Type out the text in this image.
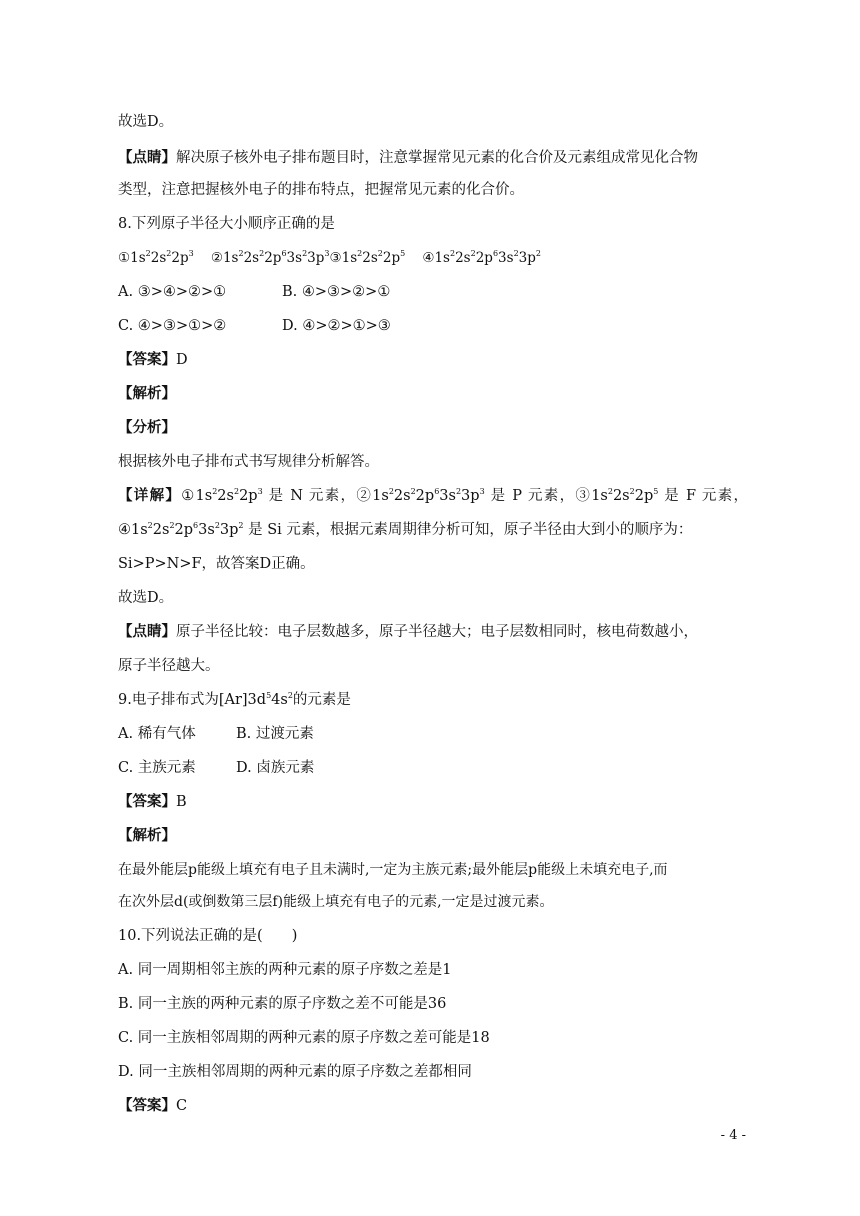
故选D。
【点睛】解决原子核外电子排布题目时，注意掌握常见元素的化合价及元素组成常见化合物
类型，注意把握核外电子的排布特点，把握常见元素的化合价。
8.下列原子半径大小顺序正确的是
$①1s^22s^22p^3$ $②1s^22s^22p^63s^23p^3③1s^22s^22p^5$ $④1s^22s^22p^63s^23p^2$
A. ③>④>②>①	B. ④>③>②>①
C. ④>③>①>②	D. ④>②>①>③
【答案】D
【解析】
【分析】
根据核外电子排布式书写规律分析解答。
【详解】$①1s^22s^22p^3$ 是 N 元素，$②1s^22s^22p^63s^23p^3$ 是 P 元素，$③1s^22s^22p^5$ 是 F 元素，
$④1s^22s^22p^63s^23p^2$ 是 Si 元素，根据元素周期律分析可知，原子半径由大到小的顺序为：
Si>P>N>F，故答案D正确。
故选D。
【点睛】原子半径比较：电子层数越多，原子半径越大；电子层数相同时，核电荷数越小，
原子半径越大。
9.电子排布式为$[Ar]3d^54s^2$的元素是
A. 稀有气体	B. 过渡元素
C. 主族元素	D. 卤族元素
【答案】B
【解析】
在最外能层p能级上填充有电子且未满时,一定为主族元素;最外能层p能级上未填充电子,而
在次外层d(或倒数第三层f)能级上填充有电子的元素,一定是过渡元素。
10.下列说法正确的是(　　)
A. 同一周期相邻主族的两种元素的原子序数之差是1
B. 同一主族的两种元素的原子序数之差不可能是36
C. 同一主族相邻周期的两种元素的原子序数之差可能是18
D. 同一主族相邻周期的两种元素的原子序数之差都相同
【答案】C
- 4 -
